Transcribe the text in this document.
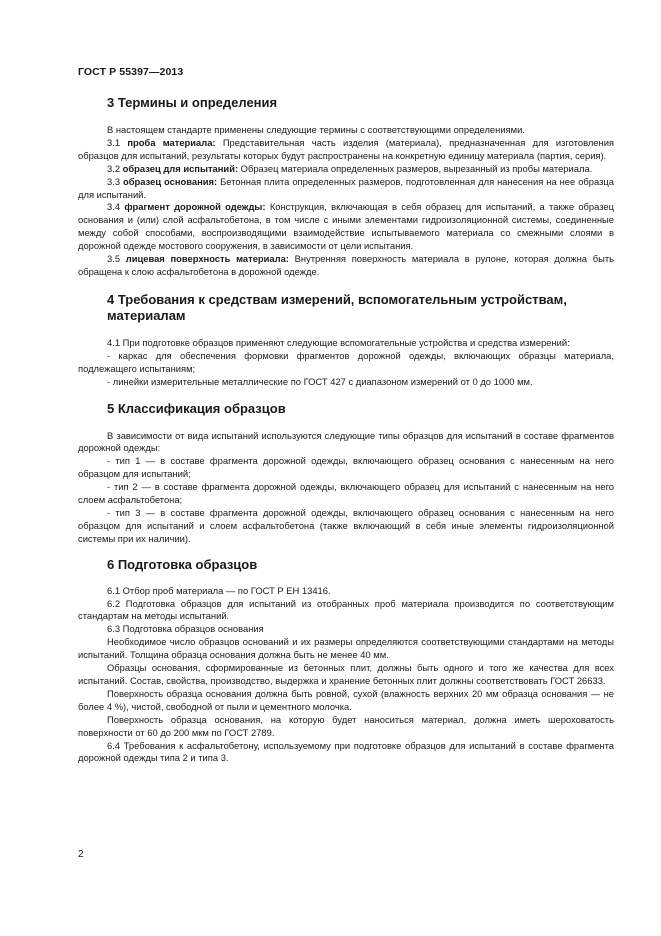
ГОСТ Р 55397—2013
3 Термины и определения

В настоящем стандарте применены следующие термины с соответствующими определениями.

3.1 проба материала: Представительная часть изделия (материала), предназначенная для изготовления образцов для испытаний, результаты которых будут распространены на конкретную единицу материала (партия, серия).

3.2 образец для испытаний: Образец материала определенных размеров, вырезанный из пробы материала.

3.3 образец основания: Бетонная плита определенных размеров, подготовленная для нанесения на нее образца для испытаний.

3.4 фрагмент дорожной одежды: Конструкция, включающая в себя образец для испытаний, а также образец основания и (или) слой асфальтобетона, в том числе с иными элементами гидроизоляционной системы, соединенные между собой способами, воспроизводящими взаимодействие испытываемого материала со смежными слоями в дорожной одежде мостового сооружения, в зависимости от цели испытания.

3.5 лицевая поверхность материала: Внутренняя поверхность материала в рулоне, которая должна быть обращена к слою асфальтобетона в дорожной одежде.

4 Требования к средствам измерений, вспомогательным устройствам, материалам

4.1 При подготовке образцов применяют следующие вспомогательные устройства и средства измерений:

- каркас для обеспечения формовки фрагментов дорожной одежды, включающих образцы материала, подлежащего испытаниям;

- линейки измерительные металлические по ГОСТ 427 с диапазоном измерений от 0 до 1000 мм.

5 Классификация образцов

В зависимости от вида испытаний используются следующие типы образцов для испытаний в составе фрагментов дорожной одежды:

- тип 1 — в составе фрагмента дорожной одежды, включающего образец основания с нанесенным на него образцом для испытаний;

- тип 2 — в составе фрагмента дорожной одежды, включающего образец для испытаний с нанесенным на него слоем асфальтобетона;

- тип 3 — в составе фрагмента дорожной одежды, включающего образец основания с нанесенным на него образцом для испытаний и слоем асфальтобетона (также включающий в себя иные элементы гидроизоляционной системы при их наличии).

6 Подготовка образцов

6.1 Отбор проб материала — по ГОСТ Р ЕН 13416.

6.2 Подготовка образцов для испытаний из отобранных проб материала производится по соответствующим стандартам на методы испытаний.

6.3 Подготовка образцов основания

Необходимое число образцов оснований и их размеры определяются соответствующими стандартами на методы испытаний. Толщина образца основания должна быть не менее 40 мм.

Образцы основания, сформированные из бетонных плит, должны быть одного и того же качества для всех испытаний. Состав, свойства, производство, выдержка и хранение бетонных плит должны соответствовать ГОСТ 26633.

Поверхность образца основания должна быть ровной, сухой (влажность верхних 20 мм образца основания — не более 4 %), чистой, свободной от пыли и цементного молочка.

Поверхность образца основания, на которую будет наноситься материал, должна иметь шероховатость поверхности от 60 до 200 мкм по ГОСТ 2789.

6.4 Требования к асфальтобетону, используемому при подготовке образцов для испытаний в составе фрагмента дорожной одежды типа 2 и типа 3.

2
